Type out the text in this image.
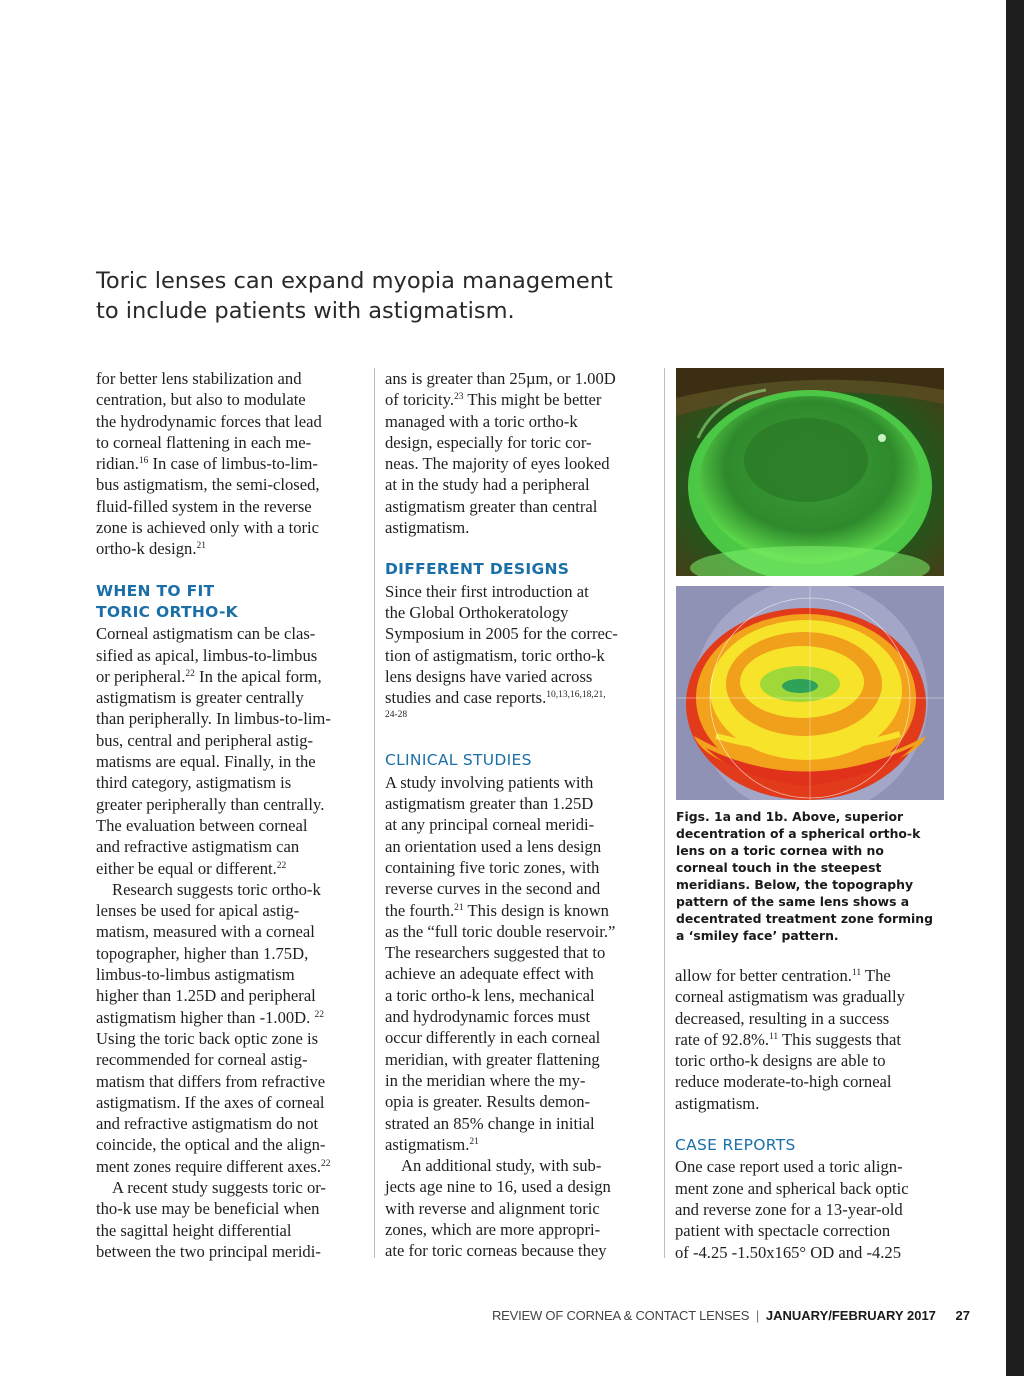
Toric lenses can expand myopia management
to include patients with astigmatism.
for better lens stabilization and
centration, but also to modulate
the hydrodynamic forces that lead
to corneal flattening in each me-
ridian.$^{16}$ In case of limbus-to-lim-
bus astigmatism, the semi-closed,
fluid-filled system in the reverse
zone is achieved only with a toric
ortho-k design.$^{21}$
WHEN TO FIT
TORIC ORTHO-K
Corneal astigmatism can be clas-
sified as apical, limbus-to-limbus
or peripheral.$^{22}$ In the apical form,
astigmatism is greater centrally
than peripherally. In limbus-to-lim-
bus, central and peripheral astig-
matisms are equal. Finally, in the
third category, astigmatism is
greater peripherally than centrally.
The evaluation between corneal
and refractive astigmatism can
either be equal or different.$^{22}$
Research suggests toric ortho-k
lenses be used for apical astig-
matism, measured with a corneal
topographer, higher than 1.75D,
limbus-to-limbus astigmatism
higher than 1.25D and peripheral
astigmatism higher than -1.00D. $^{22}$
Using the toric back optic zone is
recommended for corneal astig-
matism that differs from refractive
astigmatism. If the axes of corneal
and refractive astigmatism do not
coincide, the optical and the align-
ment zones require different axes.$^{22}$
A recent study suggests toric or-
tho-k use may be beneficial when
the sagittal height differential
between the two principal meridi-
ans is greater than 25µm, or 1.00D
of toricity.$^{23}$ This might be better
managed with a toric ortho-k
design, especially for toric cor-
neas. The majority of eyes looked
at in the study had a peripheral
astigmatism greater than central
astigmatism.
DIFFERENT DESIGNS
Since their first introduction at
the Global Orthokeratology
Symposium in 2005 for the correc-
tion of astigmatism, toric ortho-k
lens designs have varied across
studies and case reports.$^{10,13,16,18,21,}$
24-28
CLINICAL STUDIES
A study involving patients with
astigmatism greater than 1.25D
at any principal corneal meridi-
an orientation used a lens design
containing five toric zones, with
reverse curves in the second and
the fourth.$^{21}$ This design is known
as the “full toric double reservoir.”
The researchers suggested that to
achieve an adequate effect with
a toric ortho-k lens, mechanical
and hydrodynamic forces must
occur differently in each corneal
meridian, with greater flattening
in the meridian where the my-
opia is greater. Results demon-
strated an 85% change in initial
astigmatism.$^{21}$
An additional study, with sub-
jects age nine to 16, used a design
with reverse and alignment toric
zones, which are more appropri-
ate for toric corneas because they
Figs. 1a and 1b. Above, superior
decentration of a spherical ortho-k
lens on a toric cornea with no
corneal touch in the steepest
meridians. Below, the topography
pattern of the same lens shows a
decentrated treatment zone forming
a ‘smiley face’ pattern.
allow for better centration.$^{11}$ The
corneal astigmatism was gradually
decreased, resulting in a success
rate of 92.8%.$^{11}$ This suggests that
toric ortho-k designs are able to
reduce moderate-to-high corneal
astigmatism.
CASE REPORTS
One case report used a toric align-
ment zone and spherical back optic
and reverse zone for a 13-year-old
patient with spectacle correction
of -4.25 -1.50x165° OD and -4.25
REVIEW OF CORNEA & CONTACT LENSES | JANUARY/FEBRUARY 2017 27
